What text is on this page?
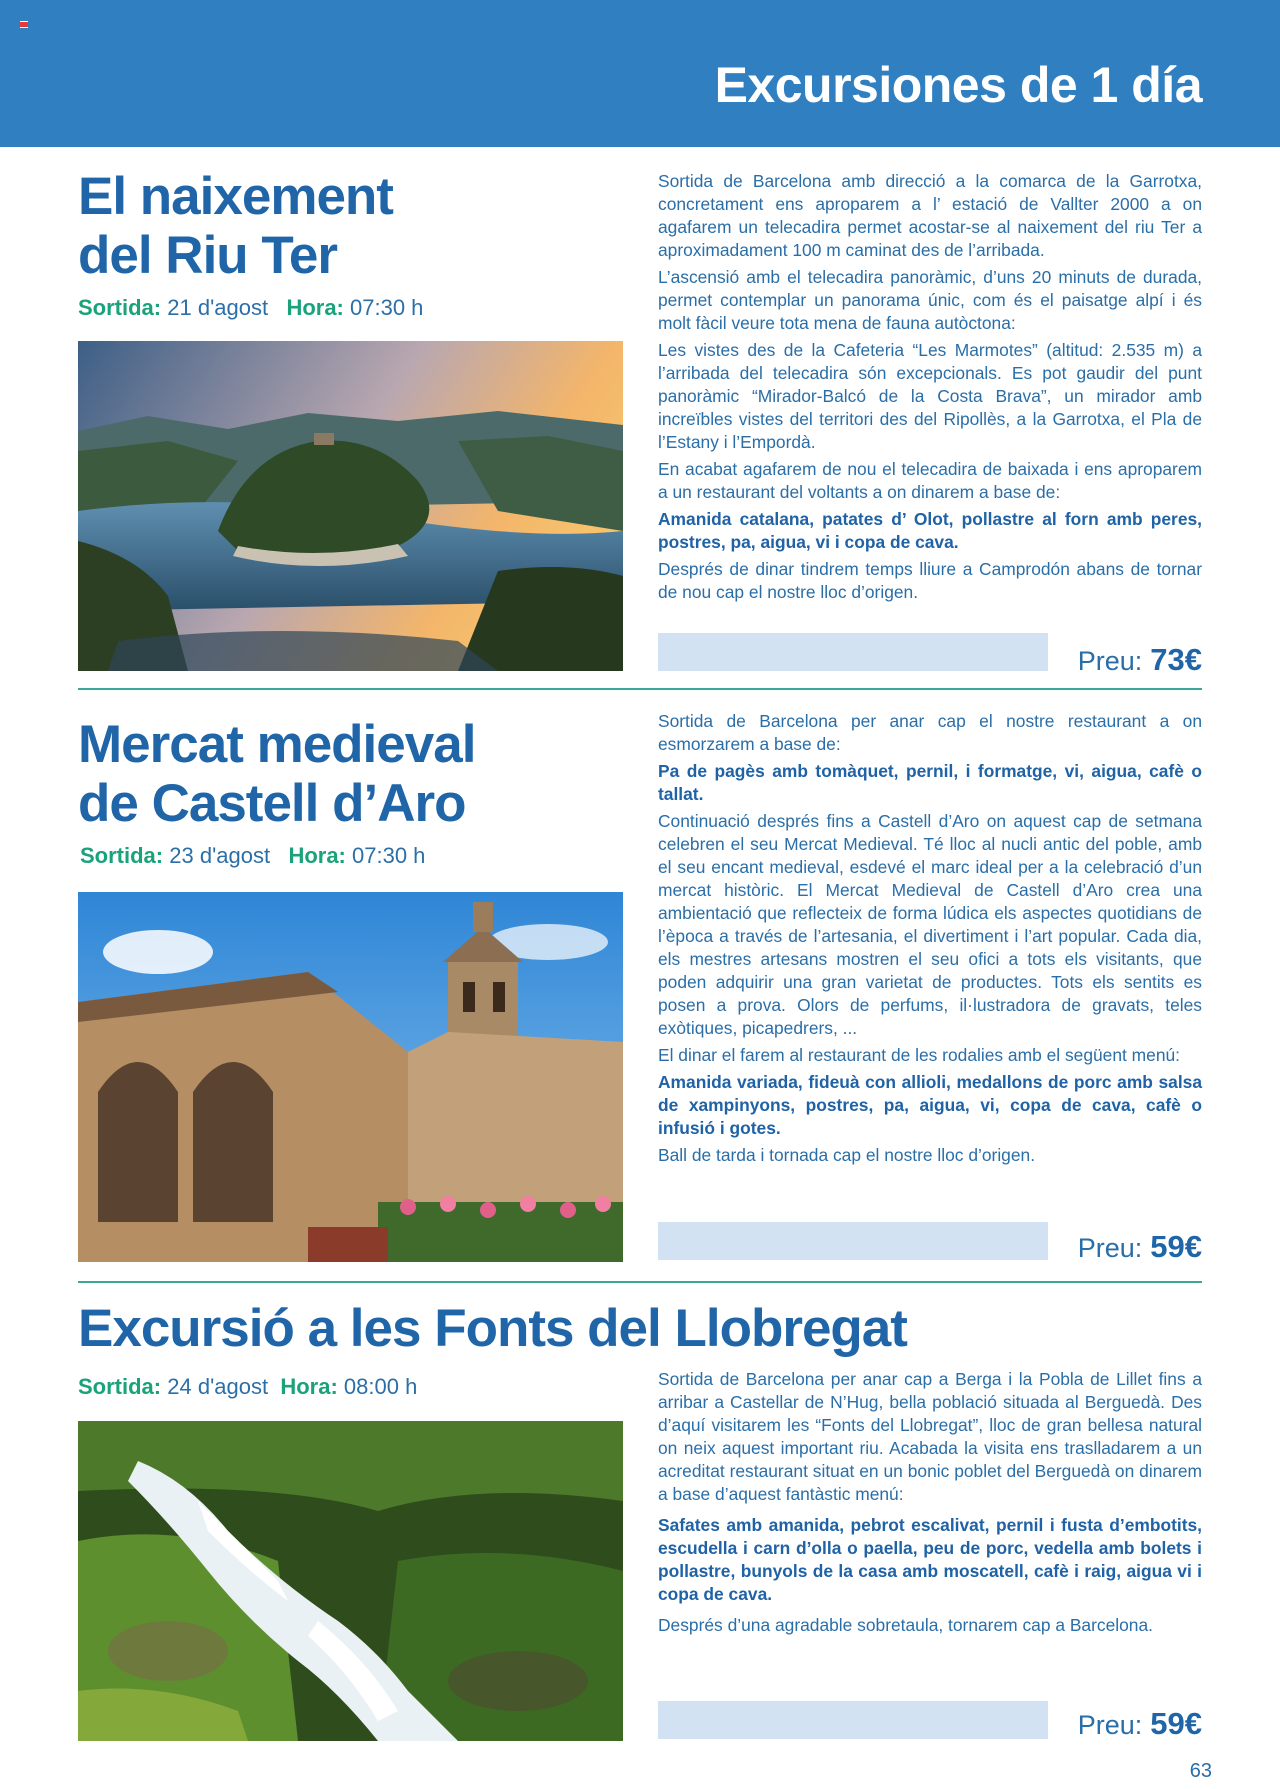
Excursiones de 1 día
El naixement
del Riu Ter
Sortida: 21 d'agost Hora: 07:30 h

Sortida de Barcelona amb direcció a la comarca de la Garrotxa, concretament ens aproparem a l’ estació de Vallter 2000 a on agafarem un telecadira permet acostar-se al naixement del riu Ter a aproximadament 100 m caminat des de l’arribada.

L’ascensió amb el telecadira panoràmic, d’uns 20 minuts de durada, permet contemplar un panorama únic, com és el paisatge alpí i és molt fàcil veure tota mena de fauna autòctona:

Les vistes des de la Cafeteria “Les Marmotes” (altitud: 2.535 m) a l’arribada del telecadira són excepcionals. Es pot gaudir del punt panoràmic “Mirador-Balcó de la Costa Brava”, un mirador amb increïbles vistes del territori des del Ripollès, a la Garrotxa, el Pla de l’Estany i l’Empordà.

En acabat agafarem de nou el telecadira de baixada i ens aproparem a un restaurant del voltants a on dinarem a base de:

Amanida catalana, patates d’ Olot, pollastre al forn amb peres, postres, pa, aigua, vi i copa de cava.

Després de dinar tindrem temps lliure a Camprodón abans de tornar de nou cap el nostre lloc d’origen.

Preu: 73€
Mercat medieval
de Castell d’Aro
Sortida: 23 d'agost Hora: 07:30 h

Sortida de Barcelona per anar cap el nostre restaurant a on esmorzarem a base de:

Pa de pagès amb tomàquet, pernil, i formatge, vi, aigua, cafè o tallat.

Continuació després fins a Castell d’Aro on aquest cap de setmana celebren el seu Mercat Medieval. Té lloc al nucli antic del poble, amb el seu encant medieval, esdevé el marc ideal per a la celebració d’un mercat històric. El Mercat Medieval de Castell d’Aro crea una ambientació que reflecteix de forma lúdica els aspectes quotidians de l’època a través de l’artesania, el divertiment i l’art popular. Cada dia, els mestres artesans mostren el seu ofici a tots els visitants, que poden adquirir una gran varietat de productes. Tots els sentits es posen a prova. Olors de perfums, il·lustradora de gravats, teles exòtiques, picapedrers, ...

El dinar el farem al restaurant de les rodalies amb el següent menú:

Amanida variada, fideuà con allioli, medallons de porc amb salsa de xampinyons, postres, pa, aigua, vi, copa de cava, cafè o infusió i gotes.

Ball de tarda i tornada cap el nostre lloc d’origen.

Preu: 59€
Excursió a les Fonts del Llobregat
Sortida: 24 d'agost Hora: 08:00 h	Sortida de Barcelona per anar cap a Berga i la Pobla de Lillet fins a arribar a Castellar de N’Hug, bella població situada al Berguedà. Des d’aquí visitarem les “Fonts del Llobregat”, lloc de gran bellesa natural on neix aquest important riu. Acabada la visita ens traslladarem a un acreditat restaurant situat en un bonic poblet del Berguedà on dinarem a base d’aquest fantàstic menú:

Safates amb amanida, pebrot escalivat, pernil i fusta d’embotits, escudella i carn d’olla o paella, peu de porc, vedella amb bolets i pollastre, bunyols de la casa amb moscatell, cafè i raig, aigua vi i copa de cava.

Després d’una agradable sobretaula, tornarem cap a Barcelona.

Preu: 59€
63
